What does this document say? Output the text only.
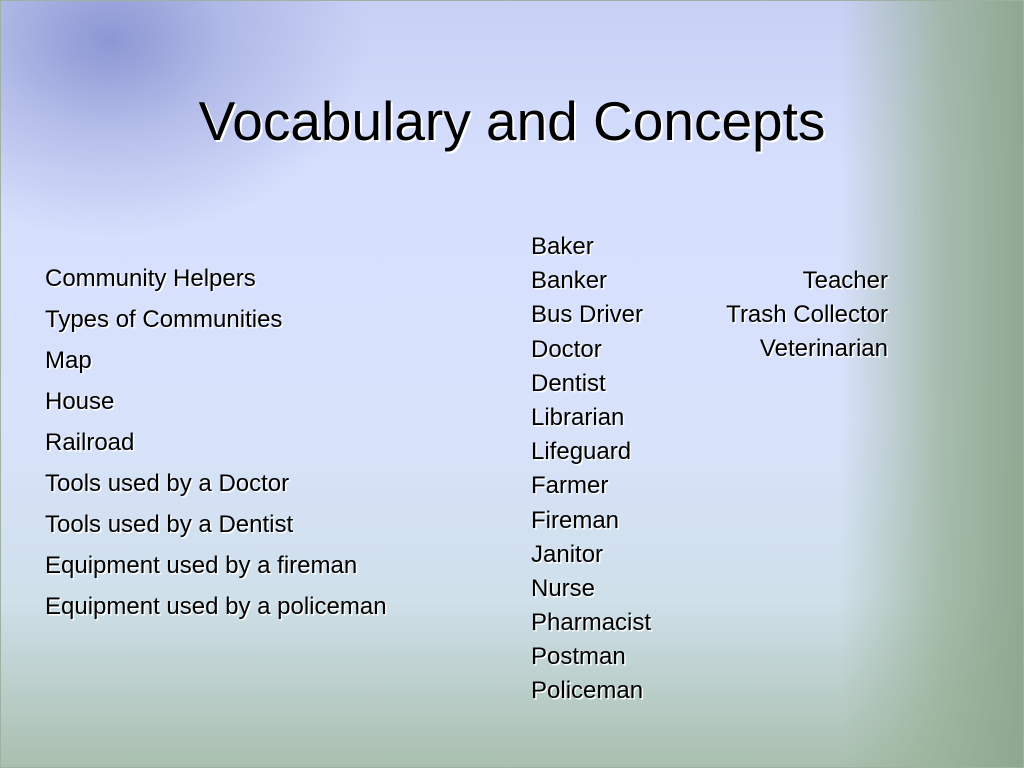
Vocabulary and Concepts
Community Helpers
Types of Communities
Map
House
Railroad
Tools used by a Doctor
Tools used by a Dentist
Equipment used by a fireman
Equipment used by a policeman
Baker
Banker
Bus Driver
Doctor
Dentist
Librarian
Lifeguard
Farmer
Fireman
Janitor
Nurse
Pharmacist
Postman
Policeman
Teacher
Trash Collector
Veterinarian
